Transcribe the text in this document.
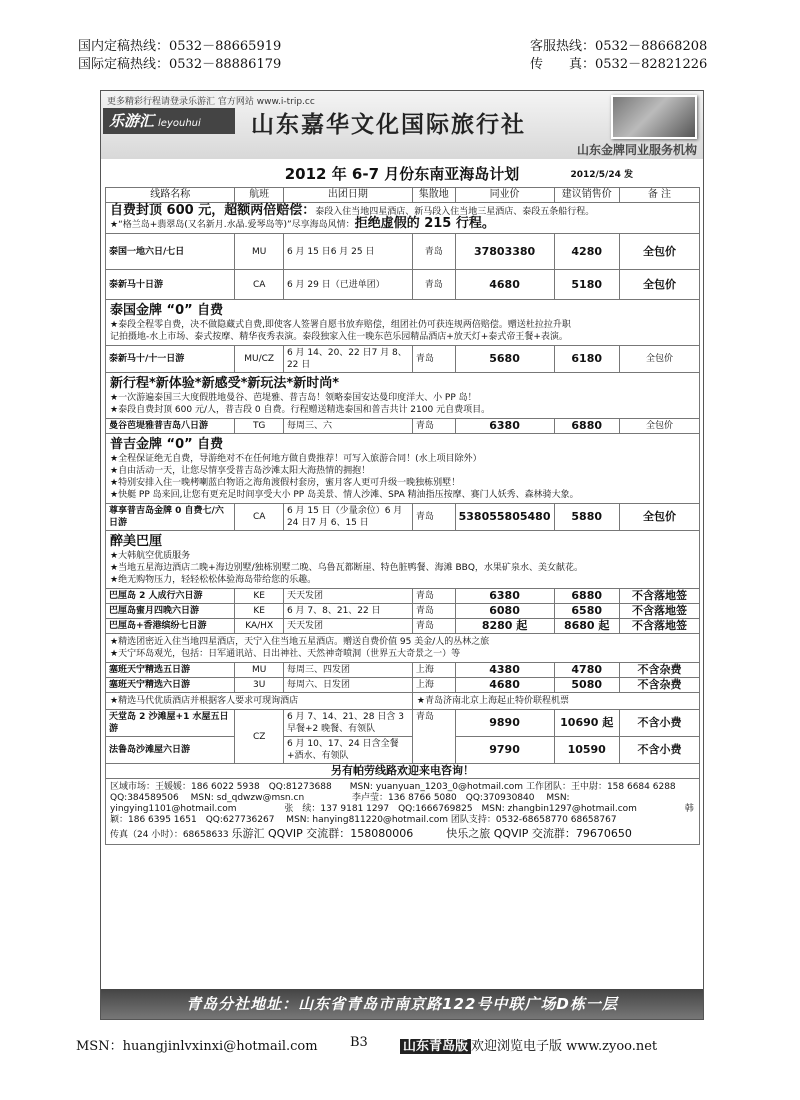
国内定稿热线：0532－88665919
国际定稿热线：0532－88886179
客服热线：0532－88668208
传　　真：0532－82821226
更多精彩行程请登录乐游汇 官方网站 www.i-trip.cc
乐游汇 leyouhui	山东嘉华文化国际旅行社
山东金牌同业服务机构
2012 年 6-7 月份东南亚海岛计划	2012/5/24 发
线路名称	航班	出团日期	集散地	同业价	建议销售价	备 注

自费封顶 600 元，超额两倍赔偿：泰段入住当地四星酒店、新马段入住当地三星酒店、泰段五条船行程。
★“格兰岛+翡翠岛(又名新月.水晶.爱琴岛等)”尽享海岛风情：拒绝虚假的 215 行程。						

泰国一地六日/七日	MU	6 月 15 日6 月 25 日	青岛	37803380	4280	全包价
泰新马十日游	CA	6 月 29 日（已进单团）	青岛	4680	5180	全包价

泰国金牌 “0” 自费
★泰段全程零自费，决不做隐藏式自费,即使客人签署自愿书放弃赔偿，组团社仍可获连规两倍赔偿。赠送杜拉拉升职
记拍摄地-水上市场、泰式按摩、精华夜秀表演。泰段独家入住一晚东芭乐园精品酒店+放天灯+泰式帝王餐+表演。						

泰新马十/十一日游	MU/CZ	6 月 14、20、22 日7 月 8、22 日	青岛	5680	6180	全包价

新行程*新体验*新感受*新玩法*新时尚*
★一次游遍泰国三大度假胜地曼谷、芭堤雅、普吉岛！领略泰国安达曼印度洋大、小 PP 岛！
★泰段自费封顶 600 元/人，普吉段 0 自费。行程赠送精选泰国和普吉共计 2100 元自费项目。						

曼谷芭堤雅普吉岛八日游	TG	每周三、六	青岛	6380	6880	全包价

普吉金牌 “0” 自费
★全程保证绝无自费，导游绝对不在任何地方做自费推荐！可写入旅游合同！(水上项目除外）
★自由活动一天，让您尽情享受普吉岛沙滩太阳大海热情的拥抱！
★特别安排入住一晚栲喇蓝白物语之海角渡假村套房，蜜月客人更可升级一晚独栋别墅！
★快艇 PP 岛来回,让您有更充足时间享受大小 PP 岛美景、情人沙滩、SPA 精油指压按摩、赛门人妖秀、森林骑大象。						

尊享普吉岛金牌 0 自费七/六日游	CA	6 月 15 日（少量余位）6 月 24 日7 月 6、15 日	青岛	538055805480	5880	全包价

醉美巴厘
★大韩航空优质服务
★当地五星海边酒店二晚+海边别墅/独栋别墅二晚、乌鲁瓦都断崖、特色脏鸭餐、海滩 BBQ，水果矿泉水、美女献花。
★绝无购物压力，轻轻松松体验海岛带给您的乐趣。						

巴厘岛 2 人成行六日游	KE	天天发团	青岛	6380	6880	不含落地签
巴厘岛蜜月四晚六日游	KE	6 月 7、8、21、22 日	青岛	6080	6580	不含落地签
巴厘岛+香港缤纷七日游	KA/HX	天天发团	青岛	8280 起	8680 起	不含落地签

★精选团密近入住当地四星酒店，天宁入住当地五星酒店。赠送自费价值 95 美金/人的丛林之旅
★天宁环岛观光，包括：日军通讯站、日出神社、天然神奇喷洞（世界五大奇景之一）等						

塞班天宁精选五日游	MU	每周三、四发团	上海	4380	4780	不含杂费
塞班天宁精选六日游	3U	每周六、日发团	上海	4680	5080	不含杂费
★精选马代优质酒店并根据客人要求可现询酒店			★青岛济南北京上海起止特价联程机票			
天堂岛 2 沙滩屋+1 水屋五日游	CZ	6 月 7、14、21、28 日含 3 早餐+2 晚餐、有领队	青岛	9890	10690 起	不含小费
法鲁岛沙滩屋六日游		6 月 10、17、24 日含全餐+酒水、有领队		9790	10590	不含小费
另有帕劳线路欢迎来电咨询！						
区域市场：王媛媛：186 6022 5938　QQ:81273688　　MSN: yuanyuan_1203_0@hotmail.com 工作团队：王中尉：158 6684 6288　QQ:384589506　 MSN: sd_qdwzw@msn.cn 　　　　　李卢莹：136 8766 5080　QQ:370930840　 MSN: yingying1101@hotmail.com 　　　　　张　续：137 9181 1297　QQ:1666769825　MSN: zhangbin1297@hotmail.com 　　　　　韩　颖：186 6395 1651　QQ:627736267　 MSN: hanying811220@hotmail.com 团队支持：0532-68658770 68658767　　　　　　　　　传真（24 小时）：68658633 乐游汇 QQVIP 交流群：158080006　　　快乐之旅 QQVIP 交流群：79670650						
青岛分社地址：山东省青岛市南京路122号中联广场D栋一层
MSN：huangjinlvxinxi@hotmail.com B3	山东青岛版 欢迎浏览电子版 www.zyoo.net
